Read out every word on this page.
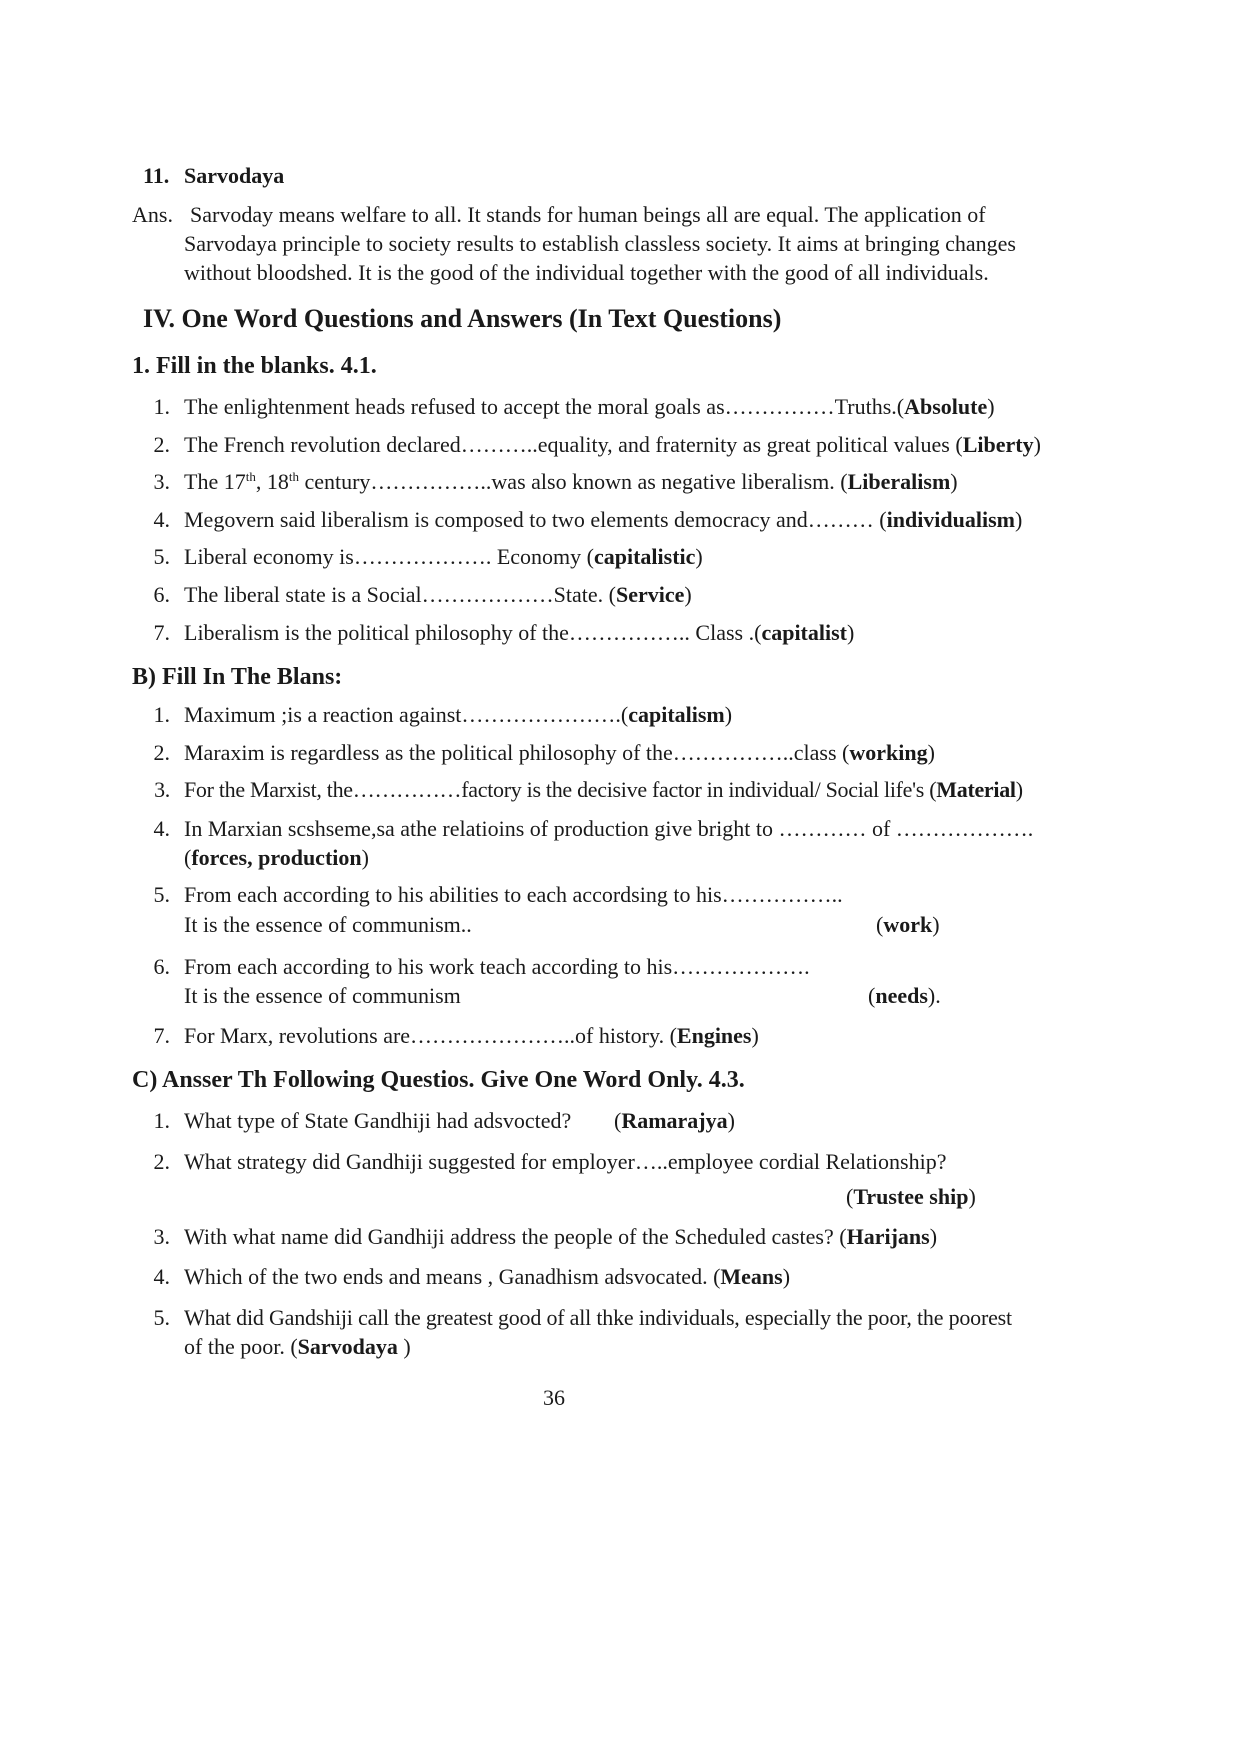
11. Sarvodaya
Ans. Sarvoday means welfare to all. It stands for human beings all are equal. The application of
Sarvodaya principle to society results to establish classless society. It aims at bringing changes
without bloodshed. It is the good of the individual together with the good of all individuals.
IV. One Word Questions and Answers (In Text Questions)
1. Fill in the blanks. 4.1.
1. The enlightenment heads refused to accept the moral goals as……………Truths.(Absolute)
2. The French revolution declared………..equality, and fraternity as great political values (Liberty)
3. The 17th, 18th century……………..was also known as negative liberalism. (Liberalism)
4. Megovern said liberalism is composed to two elements democracy and……… (individualism)
5. Liberal economy is………………. Economy (capitalistic)
6. The liberal state is a Social………………State. (Service)
7. Liberalism is the political philosophy of the…………….. Class .(capitalist)
B) Fill In The Blans:
1. Maximum ;is a reaction against………………….(capitalism)
2. Maraxim is regardless as the political philosophy of the……………..class (working)
3. For the Marxist, the……………factory is the decisive factor in individual/ Social life's (Material)
4. In Marxian scshseme,sa athe relatioins of production give bright to ………… of ……………….
(forces, production)
5. From each according to his abilities to each accordsing to his……………..
It is the essence of communism..	(work)
6. From each according to his work teach according to his……………….
It is the essence of communism	(needs).
7. For Marx, revolutions are…………………..of history. (Engines)
C) Ansser Th Following Questios. Give One Word Only. 4.3.
1. What type of State Gandhiji had adsvocted? (Ramarajya)
2. What strategy did Gandhiji suggested for employer…..employee cordial Relationship?
(Trustee ship)
3. With what name did Gandhiji address the people of the Scheduled castes? (Harijans)
4. Which of the two ends and means , Ganadhism adsvocated. (Means)
5. What did Gandshiji call the greatest good of all thke individuals, especially the poor, the poorest
of the poor. (Sarvodaya )
36
